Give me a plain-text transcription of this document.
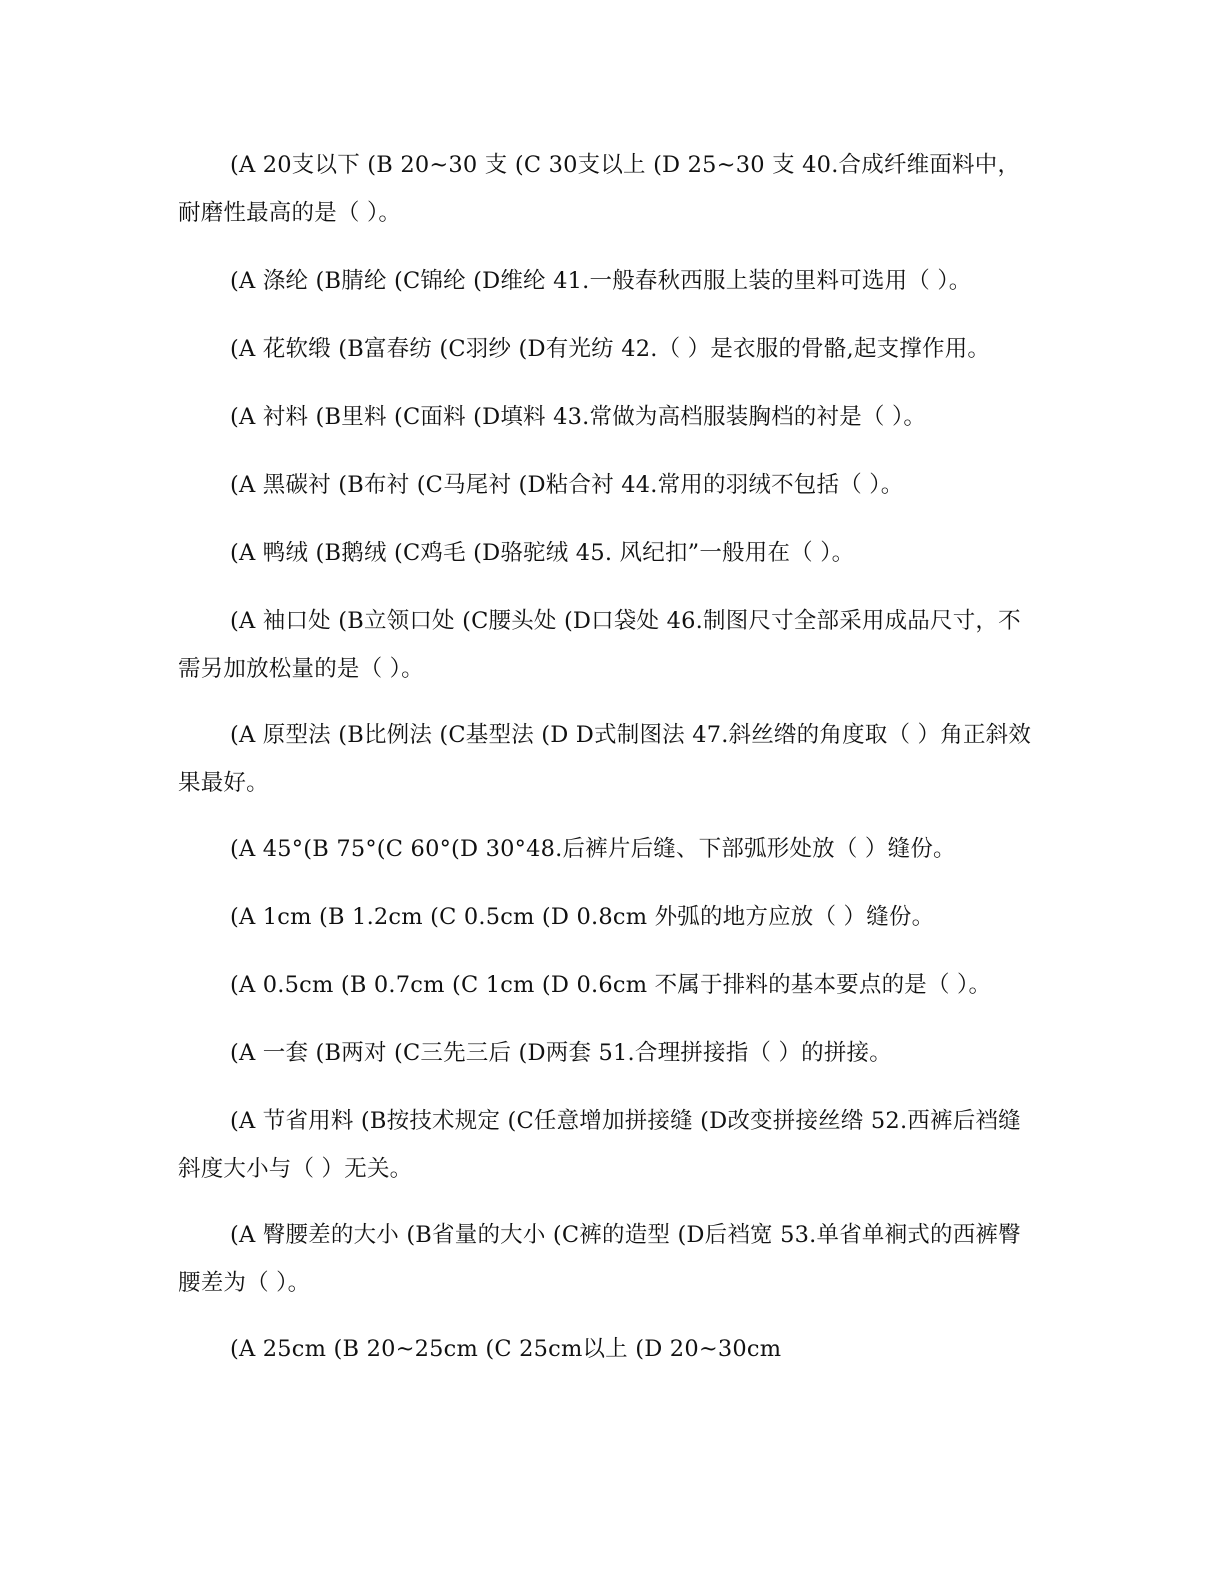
(A 20支以下 (B 20~30 支 (C 30支以上 (D 25~30 支 40.合成纤维面料中，耐磨性最高的是（ ）。

(A 涤纶 (B腈纶 (C锦纶 (D维纶 41.一般春秋西服上装的里料可选用（ ）。

(A 花软缎 (B富春纺 (C羽纱 (D有光纺 42.（ ）是衣服的骨骼,起支撑作用。

(A 衬料 (B里料 (C面料 (D填料 43.常做为高档服装胸档的衬是（ ）。

(A 黑碳衬 (B布衬 (C马尾衬 (D粘合衬 44.常用的羽绒不包括（ ）。

(A 鸭绒 (B鹅绒 (C鸡毛 (D骆驼绒 45. 风纪扣”一般用在（ ）。

(A 袖口处 (B立领口处 (C腰头处 (D口袋处 46.制图尺寸全部采用成品尺寸，不需另加放松量的是（ ）。

(A 原型法 (B比例法 (C基型法 (D D式制图法 47.斜丝绺的角度取（ ）角正斜效果最好。

(A 45°(B 75°(C 60°(D 30°48.后裤片后缝、下部弧形处放（ ）缝份。

(A 1cm (B 1.2cm (C 0.5cm (D 0.8cm 外弧的地方应放（ ）缝份。

(A 0.5cm (B 0.7cm (C 1cm (D 0.6cm 不属于排料的基本要点的是（ ）。

(A 一套 (B两对 (C三先三后 (D两套 51.合理拼接指（ ）的拼接。

(A 节省用料 (B按技术规定 (C任意增加拼接缝 (D改变拼接丝绺 52.西裤后裆缝斜度大小与（ ）无关。

(A 臀腰差的大小 (B省量的大小 (C裤的造型 (D后裆宽 53.单省单裥式的西裤臀腰差为（ ）。

(A 25cm (B 20~25cm (C 25cm以上 (D 20~30cm
